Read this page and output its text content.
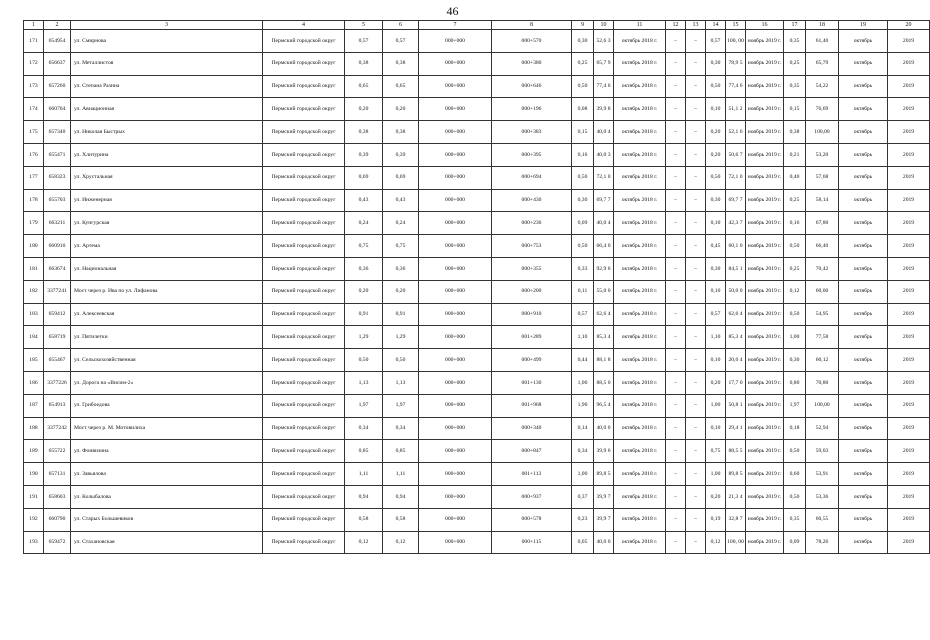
46
1	2	3	4	5	6	7	8	9	10	11	12	13	14	15	16	17	18	19	20
171	654954	ул. Смирнова	Пермский городской округ	0,57	0,57	000+000	000+570	0,30	52,6 3	октябрь 2018 г.	–	–	0,57	100, 00	ноябрь 2019 г.	0,35	61,40	октябрь	2019
172	656637	ул. Металлистов	Пермский городской округ	0,38	0,38	000+000	000+380	0,25	65,7 9	октябрь 2018 г.	–	–	0,30	78,9 5	ноябрь 2019 г.	0,25	65,79	октябрь	2019
173	657260	ул. Степана Разина	Пермский городской округ	0,65	0,65	000+000	000+646	0,50	77,4 6	октябрь 2018 г.	–	–	0,50	77,4 6	ноябрь 2019 г.	0,35	54,22	октябрь	2019
174	660704	ул. Авиационная	Пермский городской округ	0,20	0,20	000+000	000+196	0,08	39,9 8	октябрь 2018 г.	–	–	0,10	51,1 2	ноябрь 2019 г.	0,15	76,69	октябрь	2019
175	657340	ул. Николая Быстрых	Пермский городской округ	0,38	0,38	000+000	000+383	0,15	40,0 4	октябрь 2018 г.	–	–	0,20	52,1 6	ноябрь 2019 г.	0,38	100,00	октябрь	2019
176	655471	ул. Хлитурина	Пермский городской округ	0,39	0,39	000+000	000+395	0,16	40,0 3	октябрь 2018 г.	–	–	0,20	50,6 7	ноябрь 2019 г.	0,21	53,20	октябрь	2019
177	658323	ул. Хрустальная	Пермский городской округ	0,69	0,69	000+000	000+694	0,50	72,1 0	октябрь 2018 г.	–	–	0,50	72,1 0	ноябрь 2019 г.	0,40	57,68	октябрь	2019
178	655703	ул. Инженерная	Пермский городской округ	0,43	0,43	000+000	000+430	0,30	69,7 7	октябрь 2018 г.	–	–	0,30	69,7 7	ноябрь 2019 г.	0,25	58,14	октябрь	2019
179	663211	ул. Кунгурская	Пермский городской округ	0,24	0,24	000+000	000+236	0,09	40,0 4	октябрь 2018 г.	–	–	0,10	42,3 7	ноябрь 2019 г.	0,16	67,80	октябрь	2019
180	660910	ул. Артема	Пермский городской округ	0,75	0,75	000+000	000+753	0,50	66,4 0	октябрь 2018 г.	–	–	0,45	60,1 0	ноябрь 2019 г.	0,50	66,40	октябрь	2019
181	663674	ул. Национальная	Пермский городской округ	0,36	0,36	000+000	000+355	0,33	92,9 6	октябрь 2018 г.	–	–	0,30	84,5 1	ноябрь 2019 г.	0,25	70,42	октябрь	2019
182	3377241	Мост через р. Ива по ул. Лифанова	Пермский городской округ	0,20	0,20	000+000	000+200	0,11	55,0 0	октябрь 2018 г.	–	–	0,10	50,0 0	ноябрь 2019 г.	0,12	60,00	октябрь	2019
183	659412	ул. Алексеевская	Пермский городской округ	0,91	0,91	000+000	000+910	0,57	62,6 4	октябрь 2018 г.	–	–	0,57	62,6 4	ноябрь 2019 г.	0,50	54,95	октябрь	2019
184	658719	ул. Пятилетки	Пермский городской округ	1,29	1,29	000+000	001+289	1,10	85,3 4	октябрь 2018 г.	–	–	1,10	85,3 4	ноябрь 2019 г.	1,00	77,58	октябрь	2019
185	655467	ул. Сельскохозяйственная	Пермский городской округ	0,50	0,50	000+000	000+499	0,44	88,1 8	октябрь 2018 г.	–	–	0,10	20,0 4	ноябрь 2019 г.	0,30	60,12	октябрь	2019
186	3377226	ул. Дорога на «Висим-2»	Пермский городской округ	1,13	1,13	000+000	001+130	1,00	88,5 0	октябрь 2018 г.	–	–	0,20	17,7 0	ноябрь 2019 г.	0,80	70,80	октябрь	2019
187	654913	ул. Грибоедова	Пермский городской округ	1,97	1,97	000+000	001+968	1,90	96,5 4	октябрь 2018 г.	–	–	1,00	50,8 1	ноябрь 2019 г.	1,97	100,00	октябрь	2019
188	3377242	Мост через р. М. Мотовилиха	Пермский городской округ	0,34	0,34	000+000	000+340	0,14	40,0 0	октябрь 2018 г.	–	–	0,10	29,4 1	ноябрь 2019 г.	0,18	52,94	октябрь	2019
189	655722	ул. Фонвизина	Пермский городской округ	0,85	0,85	000+000	000+847	0,34	39,9 6	октябрь 2018 г.	–	–	0,75	88,5 5	ноябрь 2019 г.	0,50	59,03	октябрь	2019
190	657131	ул. Завьялова	Пермский городской округ	1,11	1,11	000+000	001+113	1,00	89,8 5	октябрь 2018 г.	–	–	1,00	89,8 5	ноябрь 2019 г.	0,60	53,91	октябрь	2019
191	658603	ул. Колыбалова	Пермский городской округ	0,94	0,94	000+000	000+937	0,37	39,9 7	октябрь 2018 г.	–	–	0,20	21,3 4	ноябрь 2019 г.	0,50	53,36	октябрь	2019
192	660790	ул. Старых Большевиков	Пермский городской округ	0,58	0,58	000+000	000+578	0,23	39,9 7	октябрь 2018 г.	–	–	0,19	32,8 7	ноябрь 2019 г.	0,35	60,55	октябрь	2019
193	659472	ул. Стахановская	Пермский городской округ	0,12	0,12	000+000	000+115	0,05	40,0 0	октябрь 2018 г.	–	–	0,12	100, 00	ноябрь 2019 г.	0,09	78,26	октябрь	2019
